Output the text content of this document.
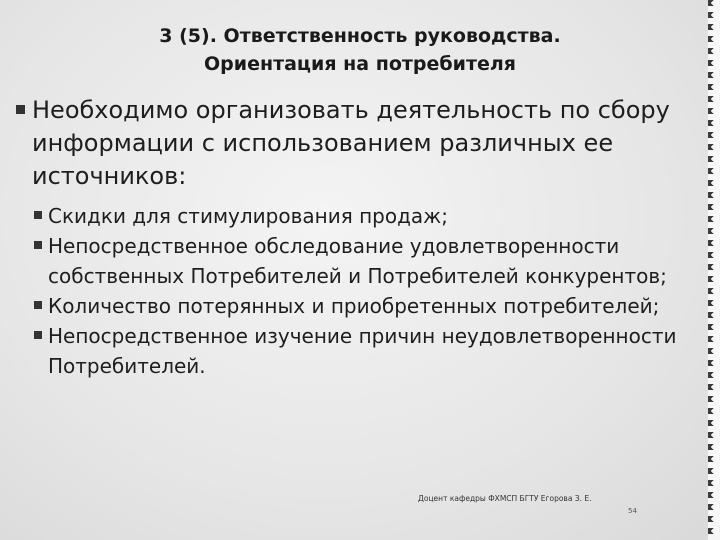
3 (5). Ответственность руководства.
Ориентация на потребителя
Необходимо организовать деятельность по сбору информации с использованием различных ее источников:
Скидки для стимулирования продаж;
Непосредственное обследование удовлетворенности собственных Потребителей и Потребителей конкурентов;
Количество потерянных и приобретенных потребителей;
Непосредственное изучение причин неудовлетворенности Потребителей.
Доцент кафедры ФХМСП БГТУ Егорова З. Е.
54
